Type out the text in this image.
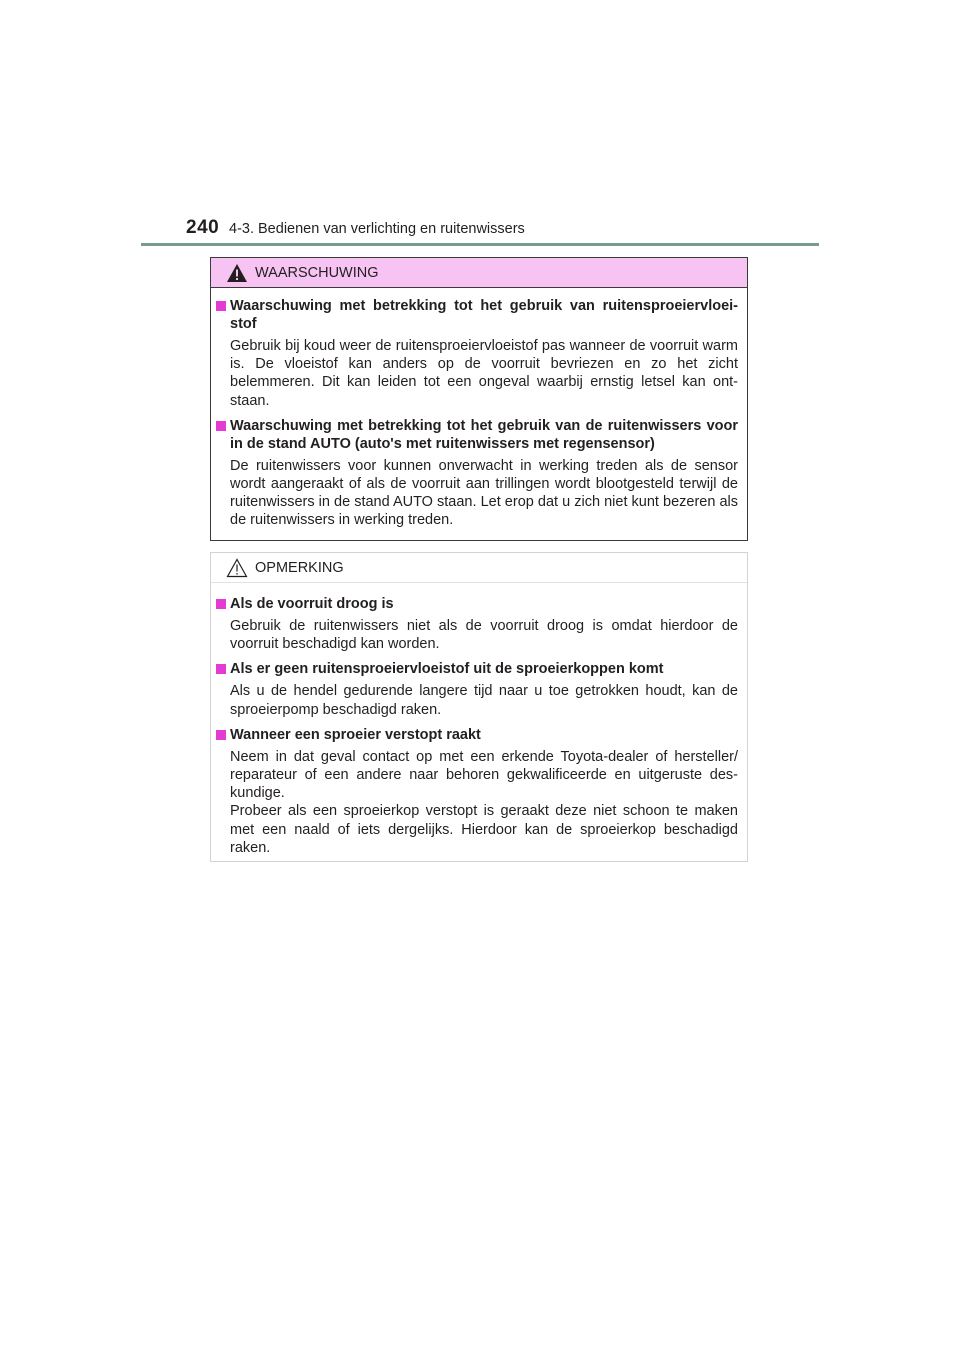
240 4-3. Bedienen van verlichting en ruitenwissers
WAARSCHUWING
Waarschuwing met betrekking tot het gebruik van ruitensproeiervloei-stof
Gebruik bij koud weer de ruitensproeiervloeistof pas wanneer de voorruit warm is. De vloeistof kan anders op de voorruit bevriezen en zo het zicht belemmeren. Dit kan leiden tot een ongeval waarbij ernstig letsel kan ont-staan.
Waarschuwing met betrekking tot het gebruik van de ruitenwissers voor in de stand AUTO (auto's met ruitenwissers met regensensor)
De ruitenwissers voor kunnen onverwacht in werking treden als de sensor wordt aangeraakt of als de voorruit aan trillingen wordt blootgesteld terwijl de ruitenwissers in de stand AUTO staan. Let erop dat u zich niet kunt bezeren als de ruitenwissers in werking treden.
OPMERKING
Als de voorruit droog is
Gebruik de ruitenwissers niet als de voorruit droog is omdat hierdoor de voorruit beschadigd kan worden.
Als er geen ruitensproeiervloeistof uit de sproeierkoppen komt
Als u de hendel gedurende langere tijd naar u toe getrokken houdt, kan de sproeierpomp beschadigd raken.
Wanneer een sproeier verstopt raakt
Neem in dat geval contact op met een erkende Toyota-dealer of hersteller/ reparateur of een andere naar behoren gekwalificeerde en uitgeruste des-kundige.
Probeer als een sproeierkop verstopt is geraakt deze niet schoon te maken met een naald of iets dergelijks. Hierdoor kan de sproeierkop beschadigd raken.
